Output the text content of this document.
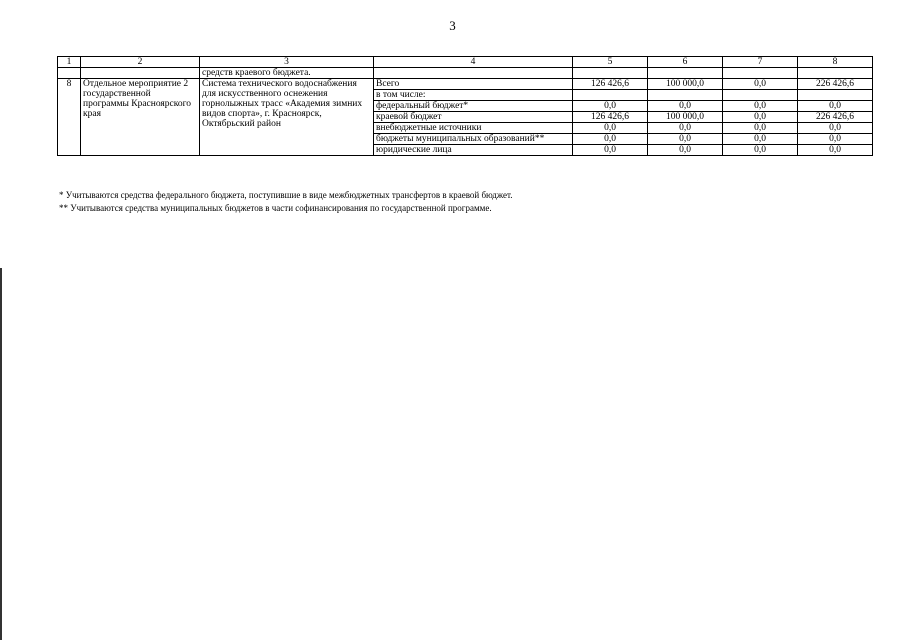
3
1	2	3	4	5	6	7	8
		средств краевого бюджета.					
8	Отдельное мероприятие 2 государственной программы Красноярского края	Система технического водоснабжения для искусственного оснежения горнолыжных трасс «Академия зимних видов спорта», г. Красноярск, Октябрьский район	Всего	126 426,6	100 000,0	0,0	226 426,6
			в том числе:				
			федеральный бюджет*	0,0	0,0	0,0	0,0
			краевой бюджет	126 426,6	100 000,0	0,0	226 426,6
			внебюджетные источники	0,0	0,0	0,0	0,0
			бюджеты муниципальных образований**	0,0	0,0	0,0	0,0
			юридические лица	0,0	0,0	0,0	0,0
* Учитываются средства федерального бюджета, поступившие в виде межбюджетных трансфертов в краевой бюджет.
** Учитываются средства муниципальных бюджетов в части софинансирования по государственной программе.
